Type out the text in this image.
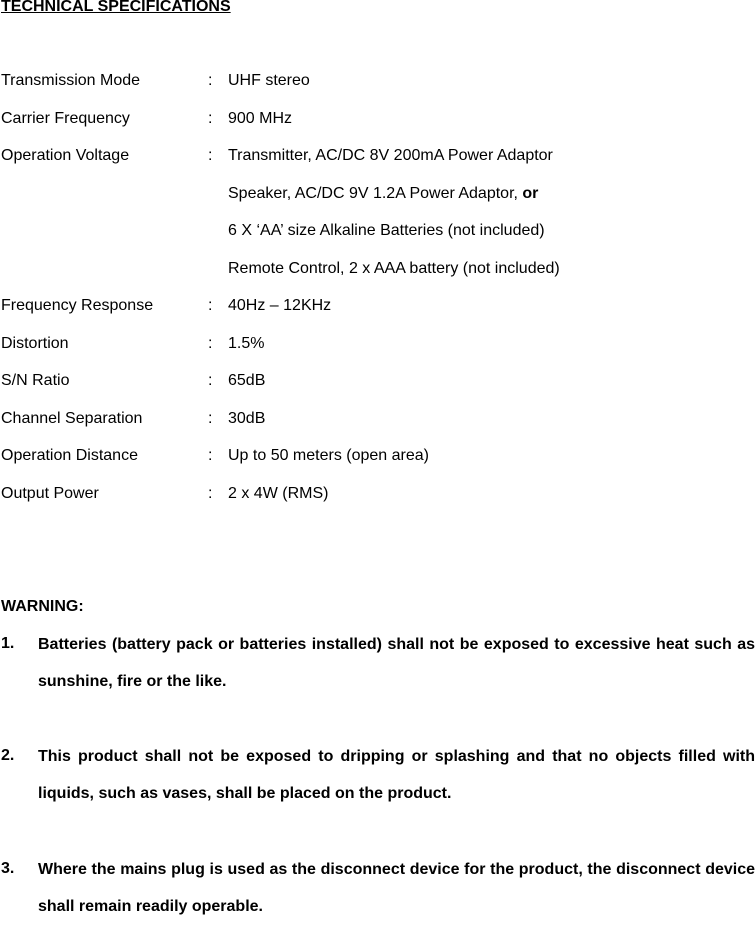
TECHNICAL SPECIFICATIONS
Transmission Mode	: UHF stereo
Carrier Frequency	: 900 MHz
Operation Voltage	: Transmitter, AC/DC 8V 200mA Power Adaptor
Speaker, AC/DC 9V 1.2A Power Adaptor, or
6 X ‘AA’ size Alkaline Batteries (not included)
Remote Control, 2 x AAA battery (not included)
Frequency Response	: 40Hz – 12KHz
Distortion	: 1.5%
S/N Ratio	: 65dB
Channel Separation	: 30dB
Operation Distance	: Up to 50 meters (open area)
Output Power	: 2 x 4W (RMS)
WARNING:
1. Batteries (battery pack or batteries installed) shall not be exposed to excessive heat such as sunshine, fire or the like.
2. This product shall not be exposed to dripping or splashing and that no objects filled with liquids, such as vases, shall be placed on the product.
3. Where the mains plug is used as the disconnect device for the product, the disconnect device shall remain readily operable.
